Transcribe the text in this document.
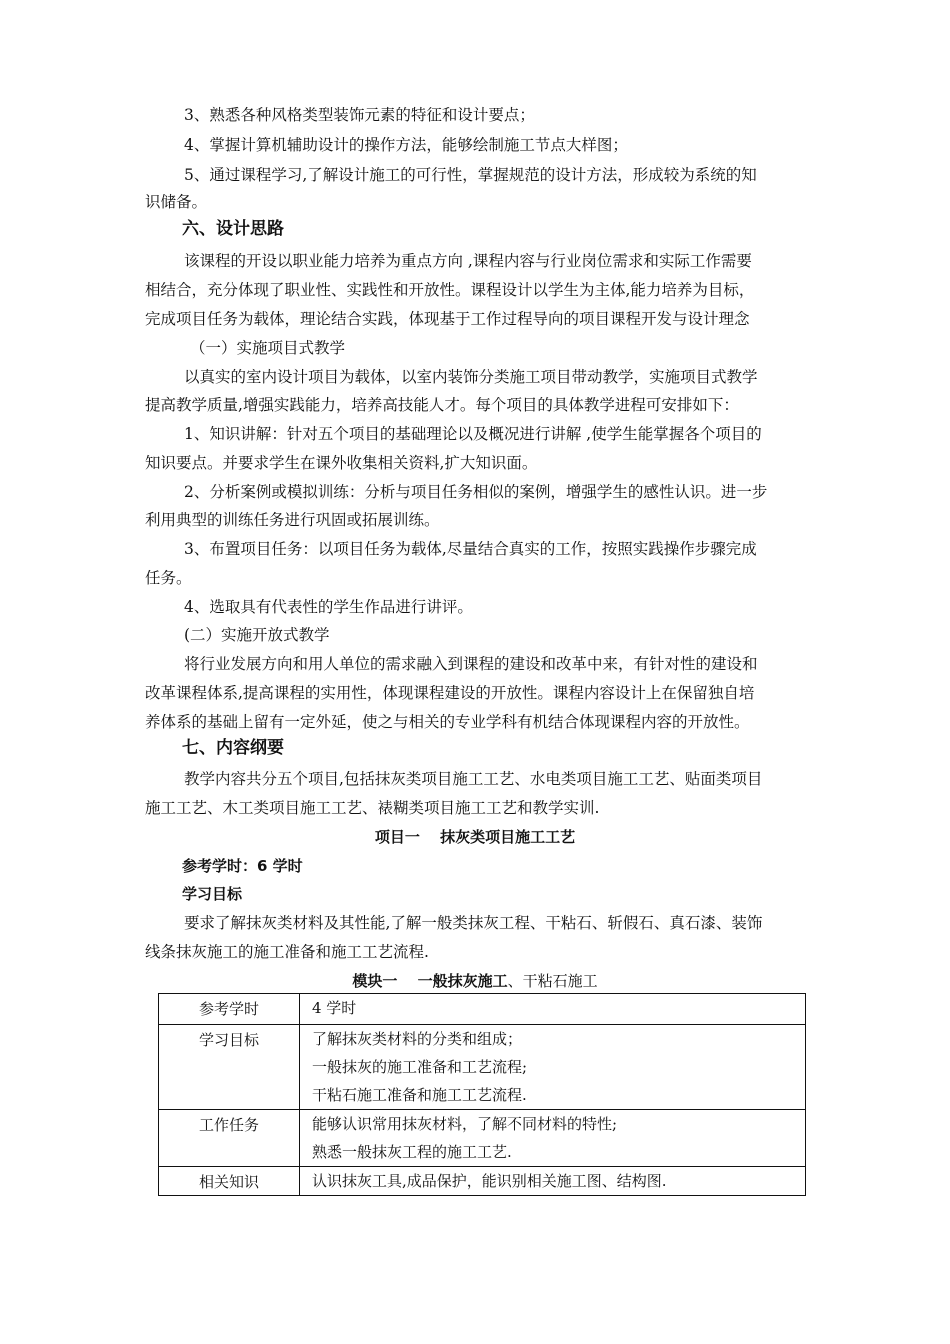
3、熟悉各种风格类型装饰元素的特征和设计要点；
4、掌握计算机辅助设计的操作方法，能够绘制施工节点大样图；
5、通过课程学习,了解设计施工的可行性，掌握规范的设计方法，形成较为系统的知
识储备。
六、设计思路
该课程的开设以职业能力培养为重点方向 ,课程内容与行业岗位需求和实际工作需要
相结合，充分体现了职业性、实践性和开放性。课程设计以学生为主体,能力培养为目标，
完成项目任务为载体，理论结合实践，体现基于工作过程导向的项目课程开发与设计理念
（一）实施项目式教学
以真实的室内设计项目为载体，以室内装饰分类施工项目带动教学，实施项目式教学
提高教学质量,增强实践能力，培养高技能人才。每个项目的具体教学进程可安排如下：
1、知识讲解：针对五个项目的基础理论以及概况进行讲解 ,使学生能掌握各个项目的
知识要点。并要求学生在课外收集相关资料,扩大知识面。
2、分析案例或模拟训练：分析与项目任务相似的案例，增强学生的感性认识。进一步
利用典型的训练任务进行巩固或拓展训练。
3、布置项目任务：以项目任务为载体,尽量结合真实的工作，按照实践操作步骤完成
任务。
4、选取具有代表性的学生作品进行讲评。
(二）实施开放式教学
将行业发展方向和用人单位的需求融入到课程的建设和改革中来，有针对性的建设和
改革课程体系,提高课程的实用性，体现课程建设的开放性。课程内容设计上在保留独自培
养体系的基础上留有一定外延，使之与相关的专业学科有机结合体现课程内容的开放性。
七、内容纲要
教学内容共分五个项目,包括抹灰类项目施工工艺、水电类项目施工工艺、贴面类项目
施工工艺、木工类项目施工工艺、裱糊类项目施工工艺和教学实训.
项目一　 抹灰类项目施工工艺
参考学时：6 学时
学习目标
要求了解抹灰类材料及其性能,了解一般类抹灰工程、干粘石、斩假石、真石漆、装饰
线条抹灰施工的施工准备和施工工艺流程.
模块一　 一般抹灰施工、干粘石施工
参考学时	4 学时

学习目标	了解抹灰类材料的分类和组成；
一般抹灰的施工准备和工艺流程;
干粘石施工准备和施工工艺流程.

工作任务	能够认识常用抹灰材料，了解不同材料的特性;
熟悉一般抹灰工程的施工工艺.

相关知识	认识抹灰工具,成品保护，能识别相关施工图、结构图.
